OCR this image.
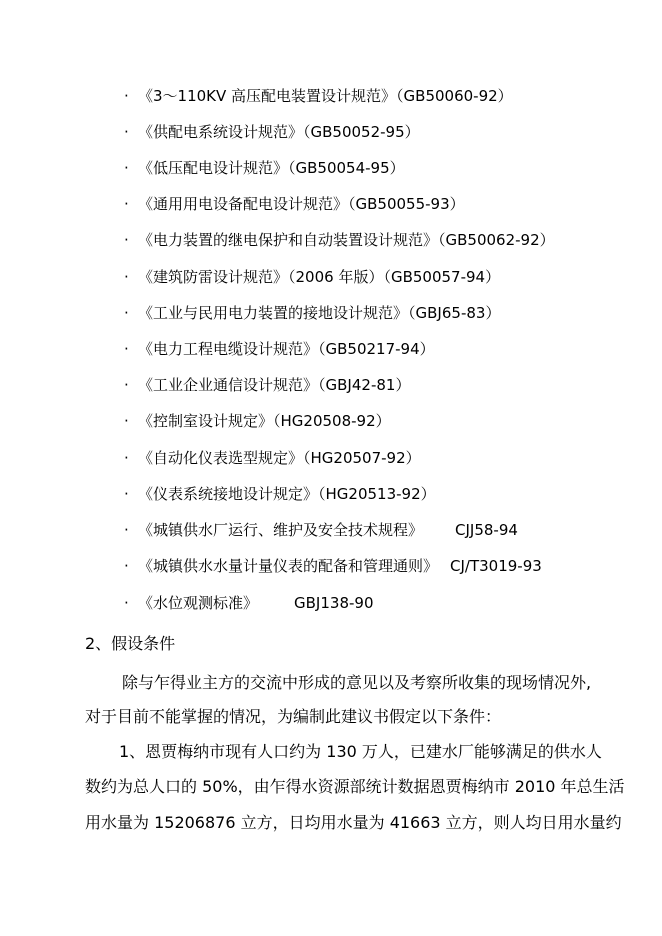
· 《3～110KV 高压配电装置设计规范》（GB50060-92）
· 《供配电系统设计规范》（GB50052-95）
· 《低压配电设计规范》（GB50054-95）
· 《通用用电设备配电设计规范》（GB50055-93）
· 《电力装置的继电保护和自动装置设计规范》（GB50062-92）
· 《建筑防雷设计规范》（2006 年版）（GB50057-94）
· 《工业与民用电力装置的接地设计规范》（GBJ65-83）
· 《电力工程电缆设计规范》（GB50217-94）
· 《工业企业通信设计规范》（GBJ42-81）
· 《控制室设计规定》（HG20508-92）
· 《自动化仪表选型规定》（HG20507-92）
· 《仪表系统接地设计规定》（HG20513-92）
· 《城镇供水厂运行、维护及安全技术规程》 CJJ58-94
· 《城镇供水水量计量仪表的配备和管理通则》 CJ/T3019-93
· 《水位观测标准》 GBJ138-90
2、假设条件
除与乍得业主方的交流中形成的意见以及考察所收集的现场情况外,
对于目前不能掌握的情况，为编制此建议书假定以下条件：
1、恩贾梅纳市现有人口约为 130 万人，已建水厂能够满足的供水人
数约为总人口的 50%，由乍得水资源部统计数据恩贾梅纳市 2010 年总生活
用水量为 15206876 立方，日均用水量为 41663 立方，则人均日用水量约
